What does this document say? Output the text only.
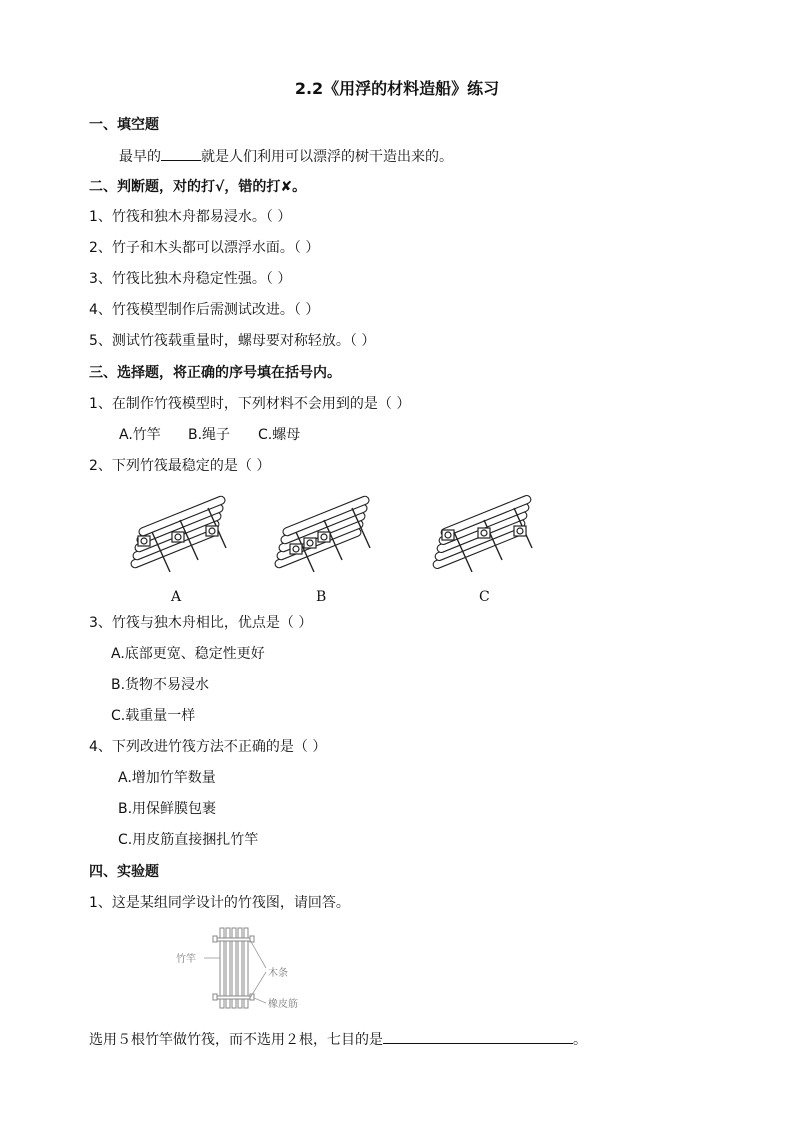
2.2《用浮的材料造船》练习
一、填空题
最早的	就是人们利用可以漂浮的树干造出来的。
二、判断题，对的打√，错的打✘。
1、竹筏和独木舟都易浸水。（ ）
2、竹子和木头都可以漂浮水面。（ ）
3、竹筏比独木舟稳定性强。（ ）
4、竹筏模型制作后需测试改进。（ ）
5、测试竹筏载重量时，螺母要对称轻放。（ ）
三、选择题，将正确的序号填在括号内。
1、在制作竹筏模型时，下列材料不会用到的是（ ）
A.竹竿 B.绳子 C.螺母
2、下列竹筏最稳定的是（ ）
A	B	C
3、竹筏与独木舟相比，优点是（ ）
A.底部更宽、稳定性更好
B.货物不易浸水
C.载重量一样
4、下列改进竹筏方法不正确的是（ ）
A.增加竹竿数量
B.用保鲜膜包裹
C.用皮筋直接捆扎竹竿
四、实验题
1、这是某组同学设计的竹筏图，请回答。
竹竿
木条
橡皮筋
选用５根竹竿做竹筏，而不选用２根，七目的是	。
